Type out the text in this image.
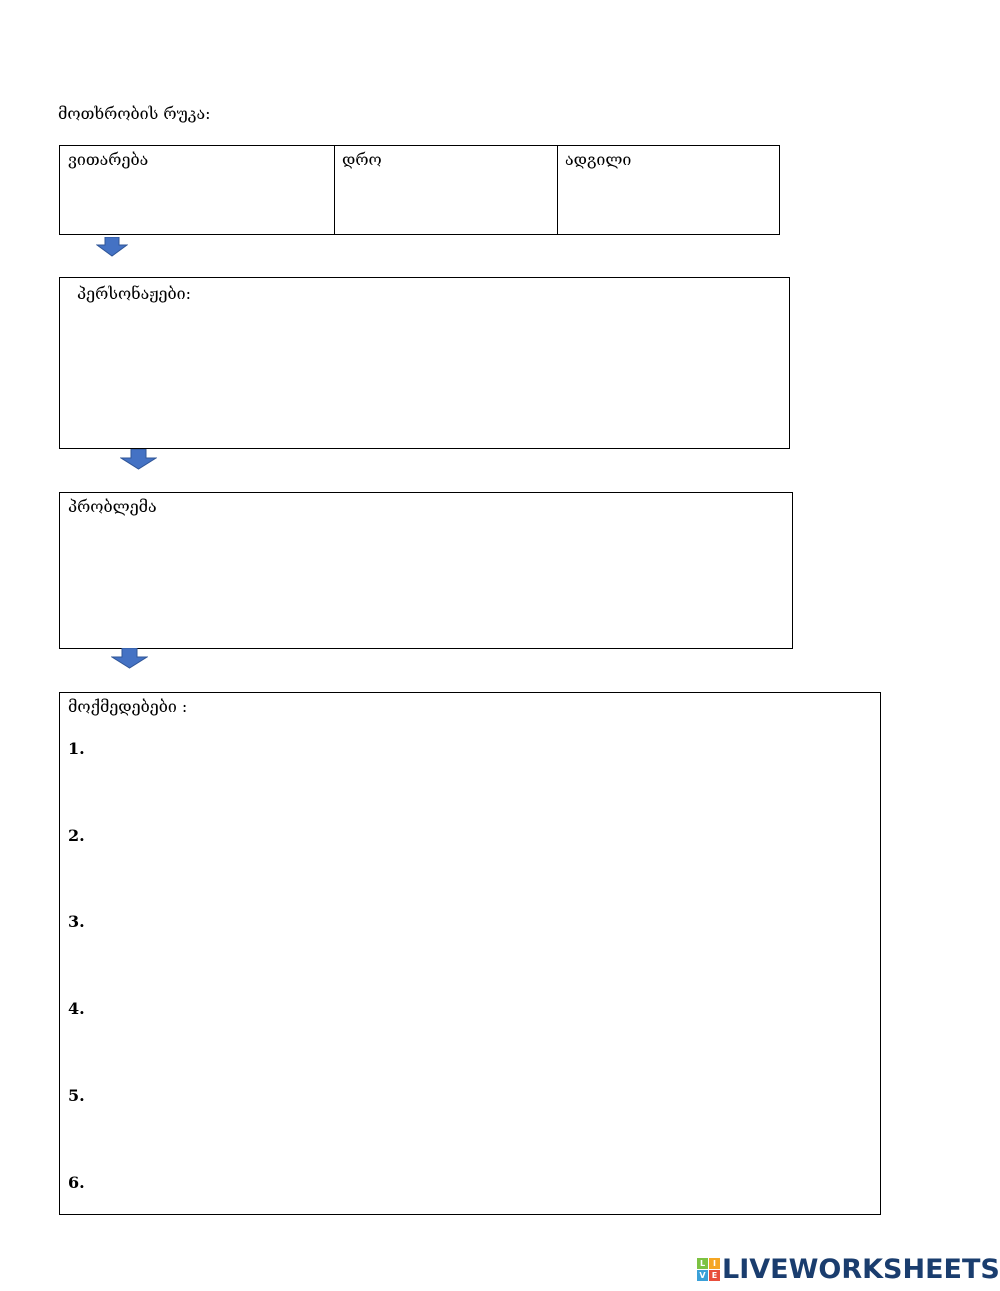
მოთხრობის რუკა:
ვითარება	დრო	ადგილი
პერსონაჟები:
პრობლემა
მოქმედებები :
1.
2.
3.
4.
5.
6.
L I
V E LIVEWORKSHEETS
